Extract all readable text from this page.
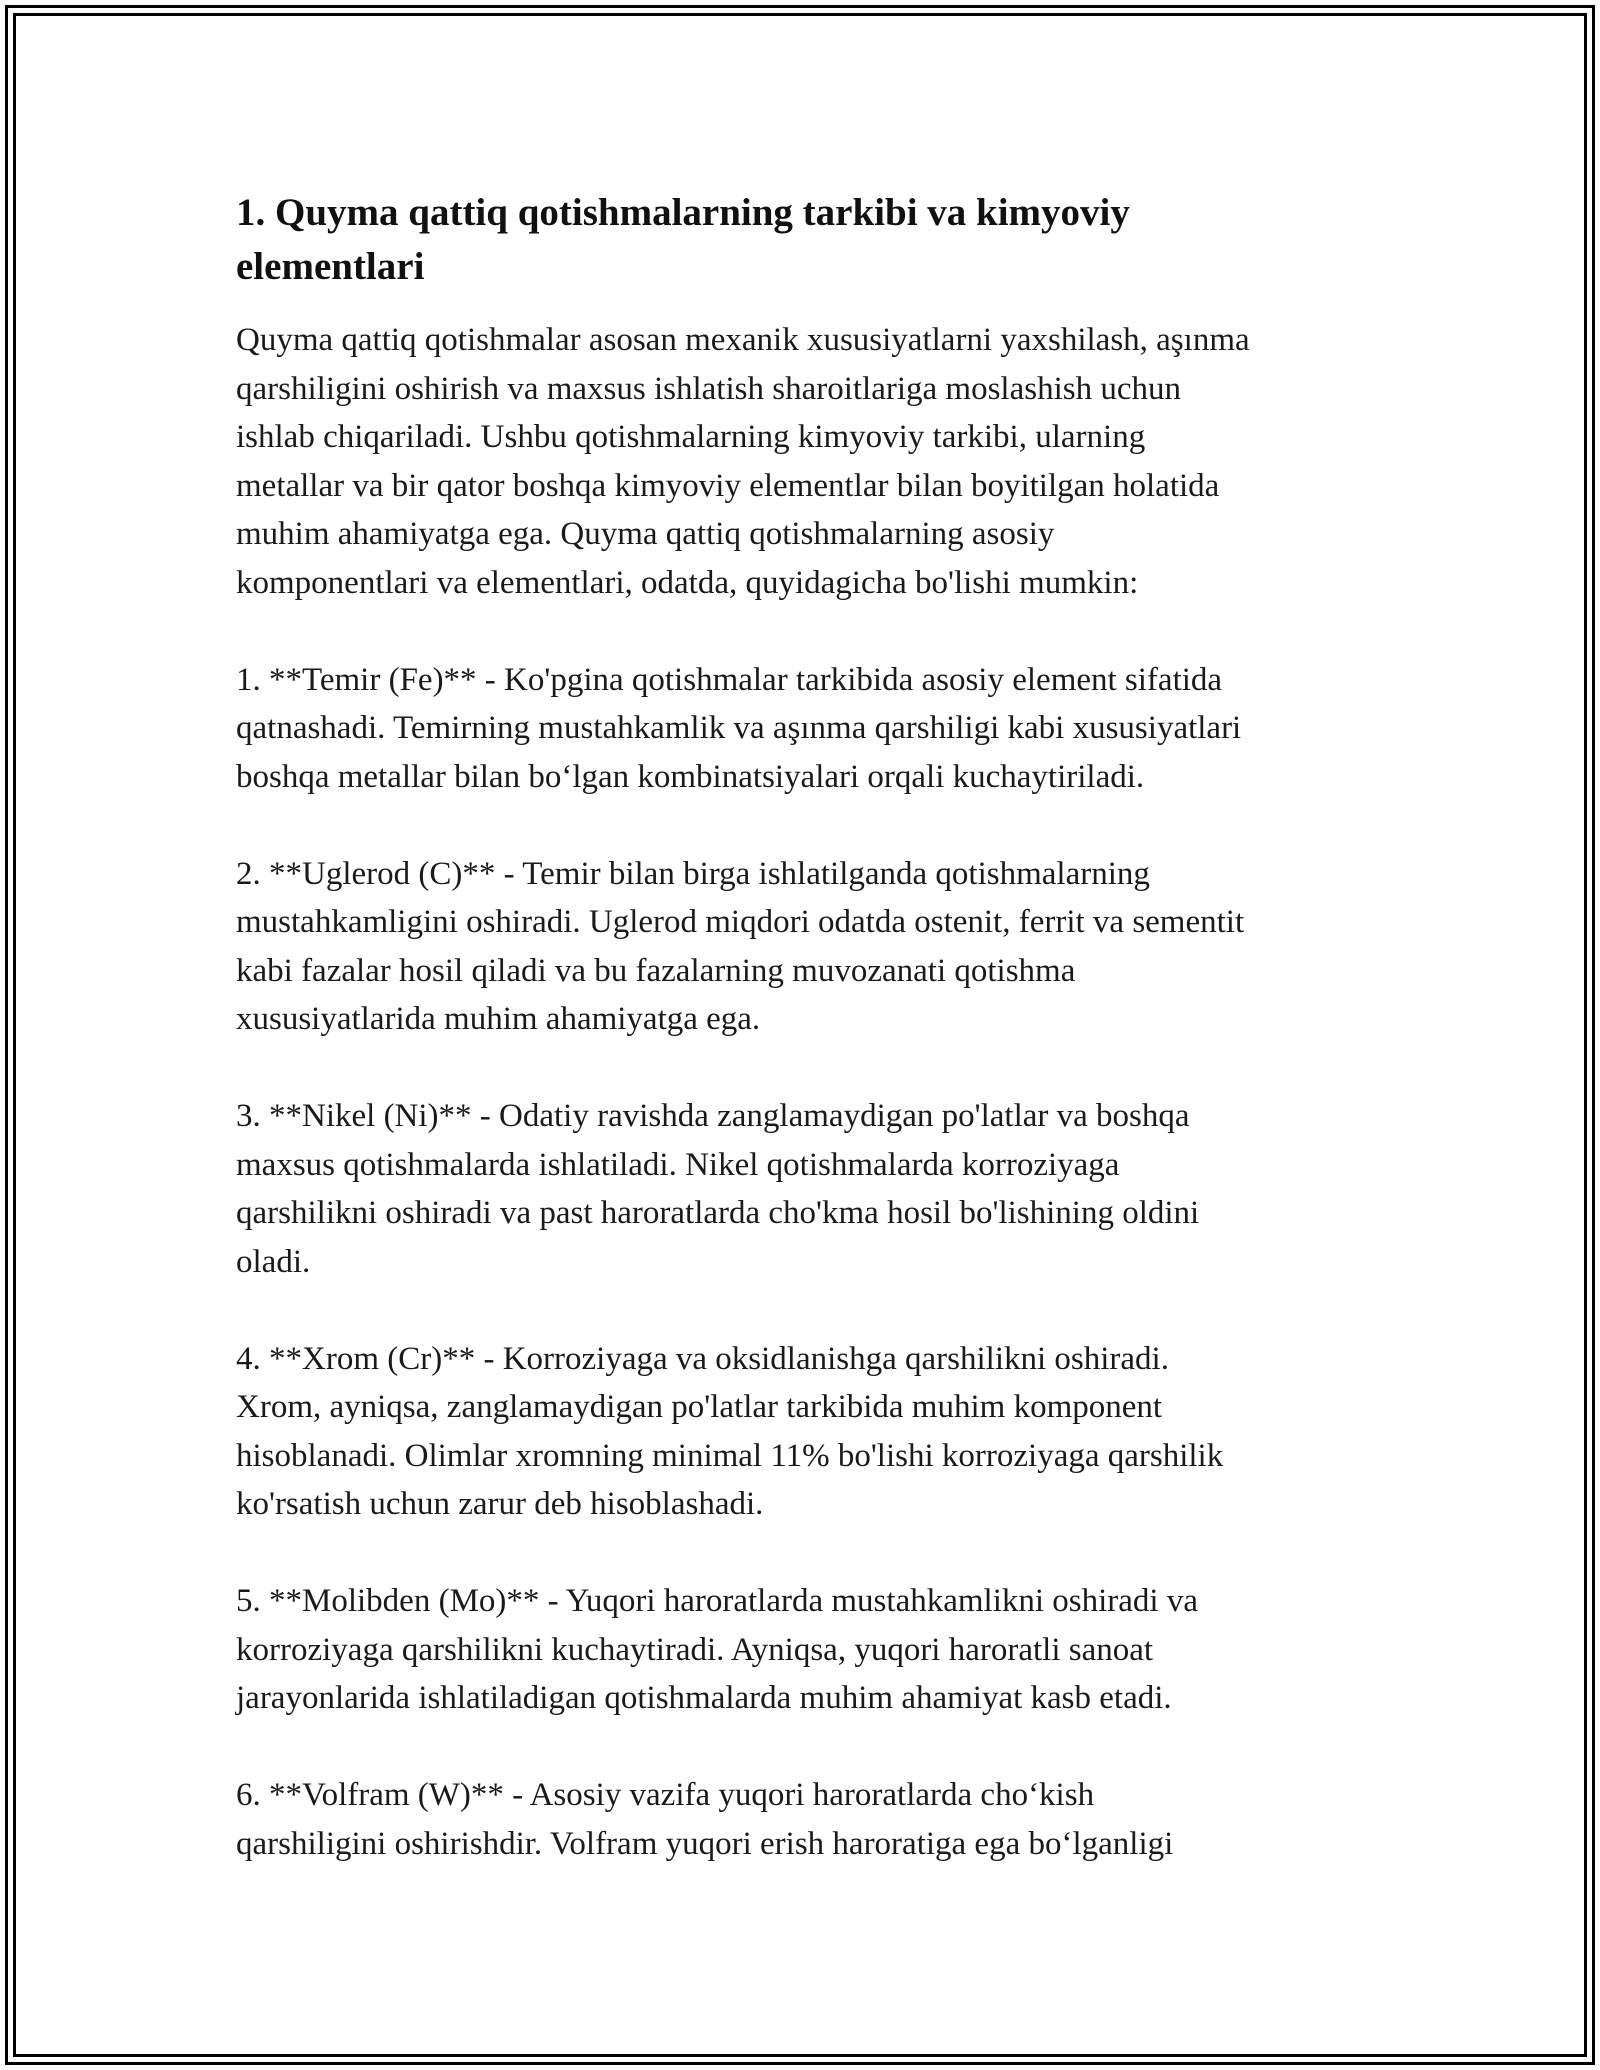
1. Quyma qattiq qotishmalarning tarkibi va kimyoviy
elementlari

Quyma qattiq qotishmalar asosan mexanik xususiyatlarni yaxshilash, aşınma
qarshiligini oshirish va maxsus ishlatish sharoitlariga moslashish uchun
ishlab chiqariladi. Ushbu qotishmalarning kimyoviy tarkibi, ularning
metallar va bir qator boshqa kimyoviy elementlar bilan boyitilgan holatida
muhim ahamiyatga ega. Quyma qattiq qotishmalarning asosiy
komponentlari va elementlari, odatda, quyidagicha bo'lishi mumkin:

1. **Temir (Fe)** - Ko'pgina qotishmalar tarkibida asosiy element sifatida
qatnashadi. Temirning mustahkamlik va aşınma qarshiligi kabi xususiyatlari
boshqa metallar bilan bo‘lgan kombinatsiyalari orqali kuchaytiriladi.

2. **Uglerod (C)** - Temir bilan birga ishlatilganda qotishmalarning
mustahkamligini oshiradi. Uglerod miqdori odatda ostenit, ferrit va sementit
kabi fazalar hosil qiladi va bu fazalarning muvozanati qotishma
xususiyatlarida muhim ahamiyatga ega.

3. **Nikel (Ni)** - Odatiy ravishda zanglamaydigan po'latlar va boshqa
maxsus qotishmalarda ishlatiladi. Nikel qotishmalarda korroziyaga
qarshilikni oshiradi va past haroratlarda cho'kma hosil bo'lishining oldini
oladi.

4. **Xrom (Cr)** - Korroziyaga va oksidlanishga qarshilikni oshiradi.
Xrom, ayniqsa, zanglamaydigan po'latlar tarkibida muhim komponent
hisoblanadi. Olimlar xromning minimal 11% bo'lishi korroziyaga qarshilik
ko'rsatish uchun zarur deb hisoblashadi.

5. **Molibden (Mo)** - Yuqori haroratlarda mustahkamlikni oshiradi va
korroziyaga qarshilikni kuchaytiradi. Ayniqsa, yuqori haroratli sanoat
jarayonlarida ishlatiladigan qotishmalarda muhim ahamiyat kasb etadi.

6. **Volfram (W)** - Asosiy vazifa yuqori haroratlarda cho‘kish
qarshiligini oshirishdir. Volfram yuqori erish haroratiga ega bo‘lganligi
